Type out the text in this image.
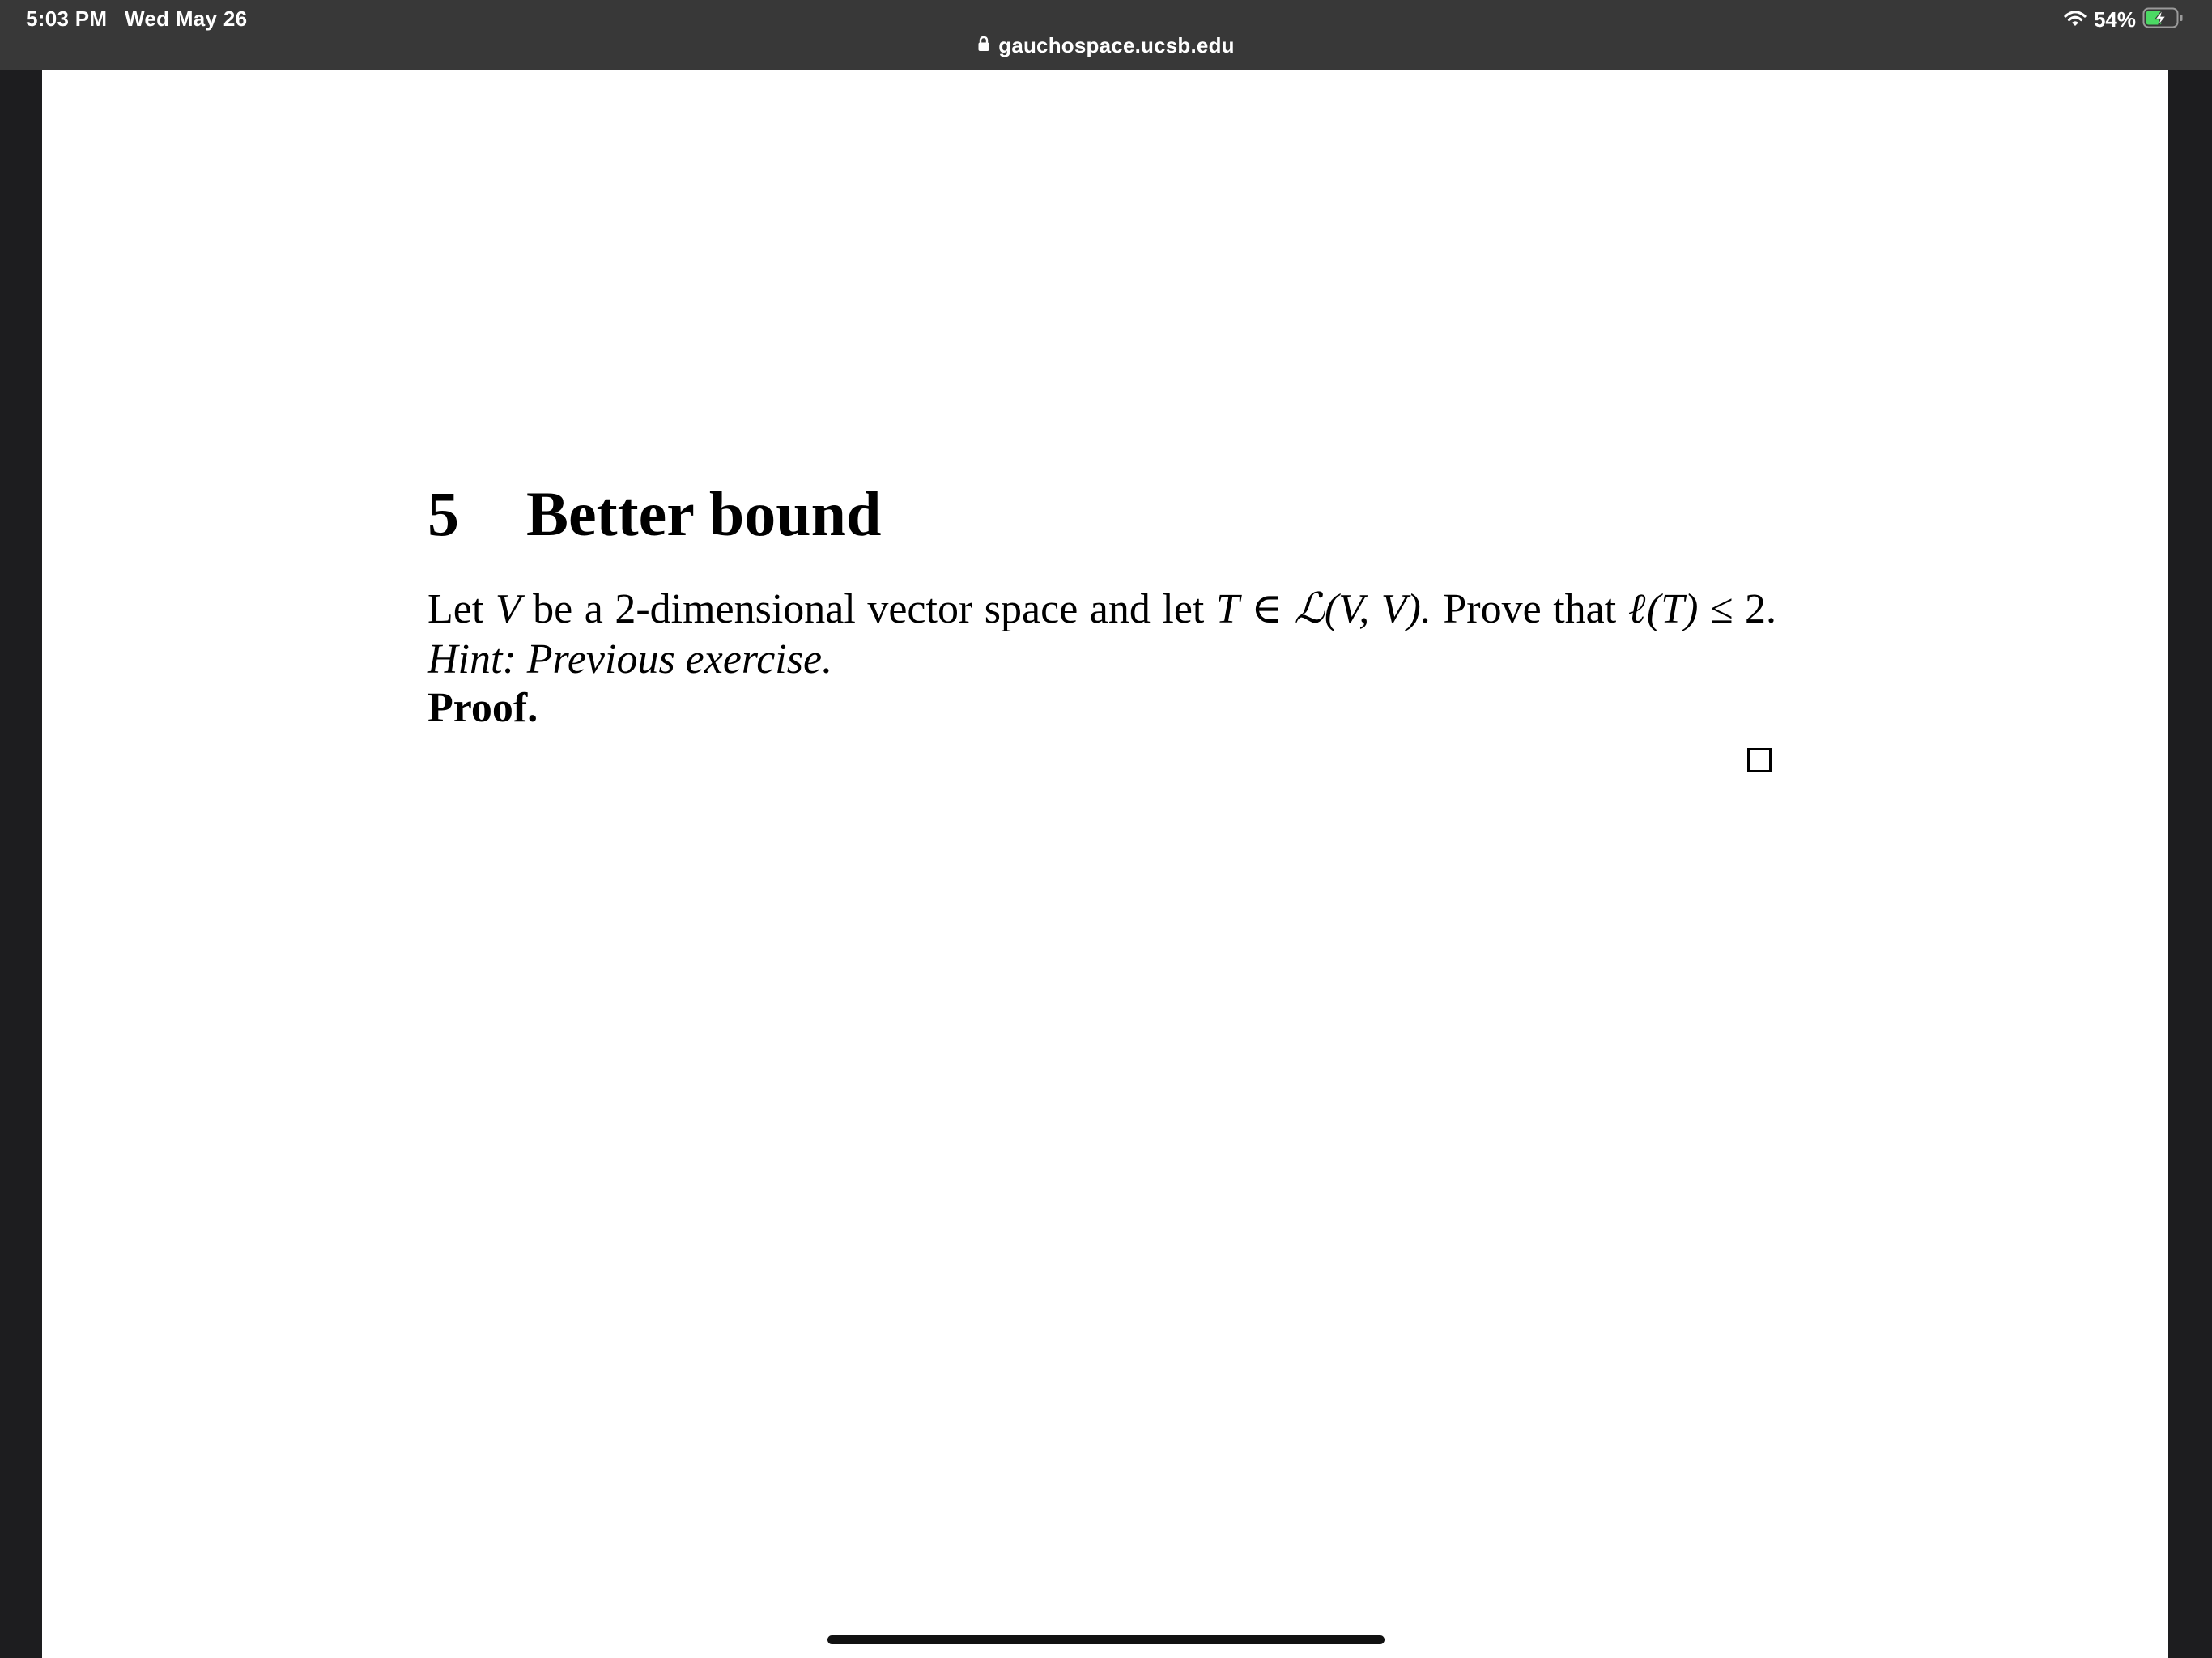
5:03 PM Wed May 26	54%
gauchospace.ucsb.edu
5 Better bound
Let V be a 2-dimensional vector space and let T ∈ ℒ(V, V). Prove that ℓ(T) ≤ 2. Hint: Previous exercise.
Proof.
